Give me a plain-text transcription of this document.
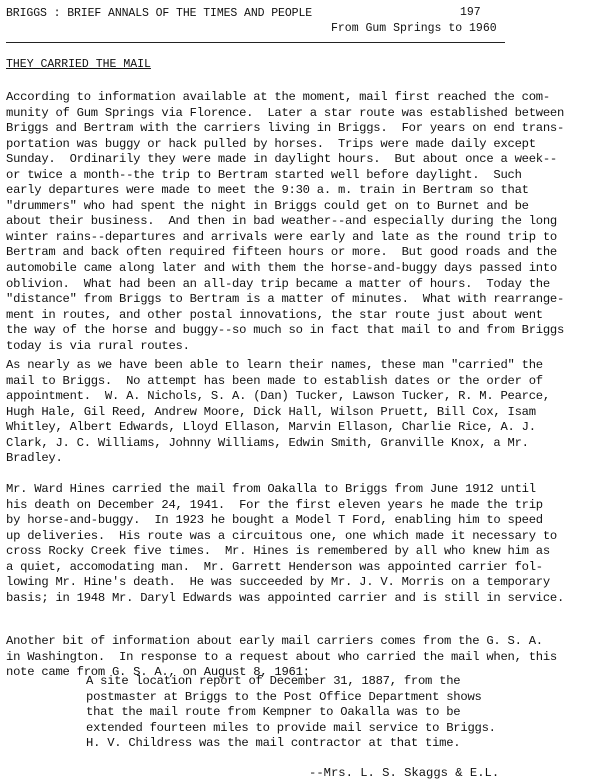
BRIGGS : BRIEF ANNALS OF THE TIMES AND PEOPLE	197
From Gum Springs to 1960
THEY CARRIED THE MAIL
According to information available at the moment, mail first reached the com-
munity of Gum Springs via Florence.  Later a star route was established between
Briggs and Bertram with the carriers living in Briggs.  For years on end trans-
portation was buggy or hack pulled by horses.  Trips were made daily except
Sunday.  Ordinarily they were made in daylight hours.  But about once a week--
or twice a month--the trip to Bertram started well before daylight.  Such
early departures were made to meet the 9:30 a. m. train in Bertram so that
"drummers" who had spent the night in Briggs could get on to Burnet and be
about their business.  And then in bad weather--and especially during the long
winter rains--departures and arrivals were early and late as the round trip to
Bertram and back often required fifteen hours or more.  But good roads and the
automobile came along later and with them the horse-and-buggy days passed into
oblivion.  What had been an all-day trip became a matter of hours.  Today the
"distance" from Briggs to Bertram is a matter of minutes.  What with rearrange-
ment in routes, and other postal innovations, the star route just about went
the way of the horse and buggy--so much so in fact that mail to and from Briggs
today is via rural routes.
As nearly as we have been able to learn their names, these man "carried" the
mail to Briggs.  No attempt has been made to establish dates or the order of
appointment.  W. A. Nichols, S. A. (Dan) Tucker, Lawson Tucker, R. M. Pearce,
Hugh Hale, Gil Reed, Andrew Moore, Dick Hall, Wilson Pruett, Bill Cox, Isam
Whitley, Albert Edwards, Lloyd Ellason, Marvin Ellason, Charlie Rice, A. J.
Clark, J. C. Williams, Johnny Williams, Edwin Smith, Granville Knox, a Mr.
Bradley.
Mr. Ward Hines carried the mail from Oakalla to Briggs from June 1912 until
his death on December 24, 1941.  For the first eleven years he made the trip
by horse-and-buggy.  In 1923 he bought a Model T Ford, enabling him to speed
up deliveries.  His route was a circuitous one, one which made it necessary to
cross Rocky Creek five times.  Mr. Hines is remembered by all who knew him as
a quiet, accomodating man.  Mr. Garrett Henderson was appointed carrier fol-
lowing Mr. Hine's death.  He was succeeded by Mr. J. V. Morris on a temporary
basis; in 1948 Mr. Daryl Edwards was appointed carrier and is still in service.
Another bit of information about early mail carriers comes from the G. S. A.
in Washington.  In response to a request about who carried the mail when, this
note came from G. S. A., on August 8, 1961:
A site location report of December 31, 1887, from the
postmaster at Briggs to the Post Office Department shows
that the mail route from Kempner to Oakalla was to be
extended fourteen miles to provide mail service to Briggs.
H. V. Childress was the mail contractor at that time.
--Mrs. L. S. Skaggs & E.L.
